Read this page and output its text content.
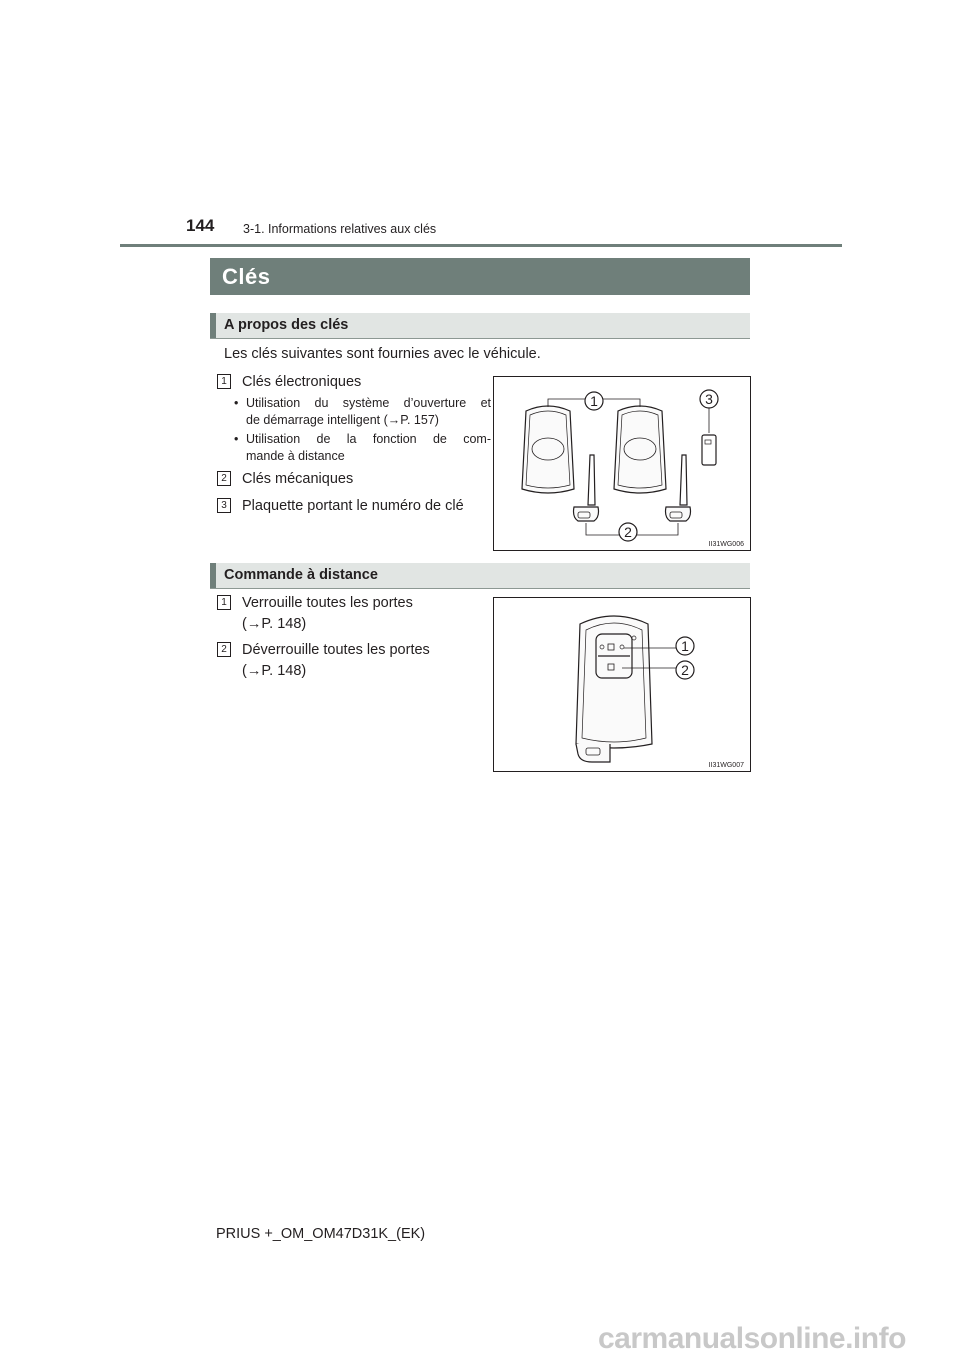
144 3-1. Informations relatives aux clés
Clés
A propos des clés
Les clés suivantes sont fournies avec le véhicule.
1 Clés électroniques
• Utilisation du système d’ouverture et
de démarrage intelligent (→P. 157)
• Utilisation de la fonction de com-
mande à distance
2 Clés mécaniques
3 Plaquette portant le numéro de clé
1
2
3
II31WG006
Commande à distance
1 Verrouille toutes les portes
(→P. 148)
2 Déverrouille toutes les portes
(→P. 148)
1
2
II31WG007
PRIUS +_OM_OM47D31K_(EK)
carmanualsonline.info
